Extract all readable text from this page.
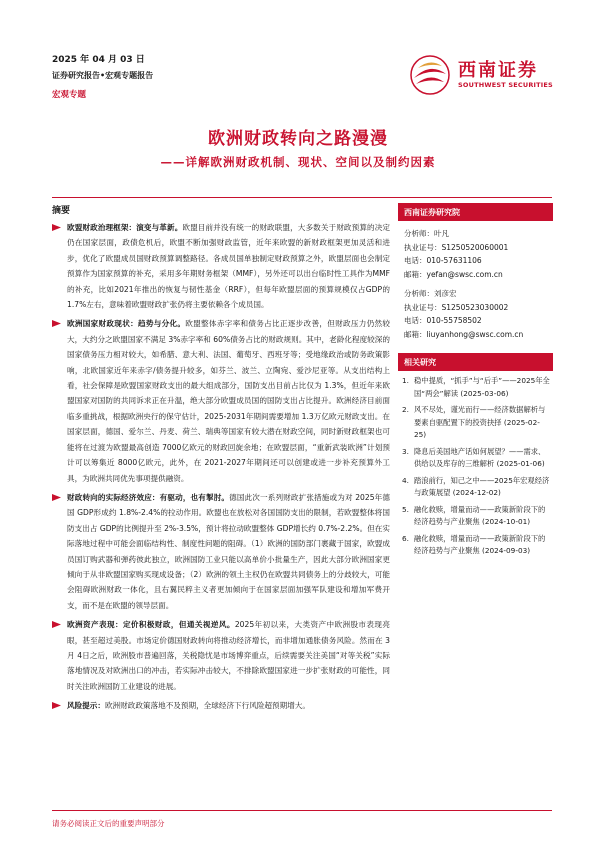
2025 年 04 月 03 日
证券研究报告•宏观专题报告
宏观专题
西南证券
SOUTHWEST SECURITIES
欧洲财政转向之路漫漫
——详解欧洲财政机制、现状、空间以及制约因素
摘要
欧盟财政治理框架：演变与革新。欧盟目前并没有统一的财政联盟，大多数关于财政预算的决定仍在国家层面，政债危机后，欧盟不断加强财政监管，近年来欧盟的新财政框架更加灵活和进步，优化了欧盟成员国财政预算调整路径。各成员国单独制定财政预算之外，欧盟层面也会制定预算作为国家预算的补充，采用多年期财务框架（MMF），另外还可以出台临时性工具作为MMF的补充，比如2021年推出的恢复与韧性基金（RRF），但每年欧盟层面的预算规模仅占GDP的 1.7%左右，意味着欧盟财政扩张仍将主要依赖各个成员国。
欧洲国家财政现状：趋势与分化。欧盟整体赤字率和债务占比正逐步改善，但财政压力仍然较大，大约分之欧盟国家不满足 3%赤字率和 60%债务占比的财政规则。其中，老龄化程度较深的国家债务压力相对较大，如希腊、意大利、法国、葡萄牙、西班牙等；受地缘政治或防务政策影响，北欧国家近年来赤字/债务提升较多，如芬兰、波兰、立陶宛、爱沙尼亚等。从支出结构上看，社会保障是欧盟国家财政支出的最大组成部分，国防支出目前占比仅为 1.3%，但近年来欧盟国家对国防的共同诉求正在升温，绝大部分欧盟成员国的国防支出占比提升。欧洲经济目前面临多重挑战，根据欧洲央行的保守估计，2025-2031年期间需要增加 1.3万亿欧元财政支出。在国家层面，德国、爱尔兰、丹麦、荷兰、瑞典等国家有较大潜在财政空间，同时新财政框架也可能将在过渡为欧盟最高创造 7000亿欧元的财政回旋余地；在欧盟层面，“重新武装欧洲”计划预计可以筹集近 8000亿欧元，此外，在 2021-2027年期间还可以创建或进一步补充预算外工具，为欧洲共同优先事项提供融资。
财政转向的实际经济效应：有驱动，也有掣肘。德国此次一系列财政扩张措施或为对 2025年德国 GDP形成约 1.8%-2.4%的拉动作用。欧盟也在放松对各国国防支出的限制，若欧盟整体将国防支出占 GDP的比例提升至 2%-3.5%，预计将拉动欧盟整体 GDP增长约 0.7%-2.2%。但在实际落地过程中可能会面临结构性、制度性问题的阻碍。（1）欧洲的国防部门裹藏于国家，欧盟成员国订购武器和弹药彼此独立，欧洲国防工业只能以高单价小批量生产，因此大部分欧洲国家更倾向于从非欧盟国家购买现成设备；（2）欧洲的领土主权仍在欧盟共同债务上的分歧较大，可能会阻碍欧洲财政一体化，且右翼民粹主义者更加倾向于在国家层面加强军队建设和增加军费开支，而不是在欧盟的领导层面。
欧洲资产表现：定价积极财政，但通关视逆风。2025年初以来，大类资产中欧洲股市表现亮眼，甚至超过美股。市场定价德国财政转向将推动经济增长，而非增加通胀债务风险。然而在 3月 4日之后，欧洲股市普遍回落，关税隐忧是市场博弈重点，后续需要关注美国“对等关税”实际落地情况及对欧洲出口的冲击，若实际冲击较大，不排除欧盟国家进一步扩张财政的可能性，同时关注欧洲国防工业建设的进展。
风险提示：欧洲财政政策落地不及预期，全球经济下行风险超预期增大。
西南证券研究院
分析师：叶凡
执业证号：S1250520060001
电话：010-57631106
邮箱：yefan@swsc.com.cn
分析师：刘彦宏
执业证号：S1250523030002
电话：010-55758502
邮箱：liuyanhong@swsc.com.cn
相关研究
1. 稳中提质，“抓手”与“后手”——2025年全国“两会”解读 (2025-03-06)
2. 风不尽处，谨光而行——经济数据解析与要素自驱配置下的投资抉择 (2025-02-25)
3. 降息后美国地产话如何展望？——需求、供给以及库存的三维解析 (2025-01-06)
4. 踏浪前行，知己之中——2025年宏观经济与政策展望 (2024-12-02)
5. 融化救赎，增量而动——政策新阶段下的经济趋势与产业聚焦 (2024-10-01)
6. 融化救赎，增量而动——政策新阶段下的经济趋势与产业聚焦 (2024-09-03)
请务必阅读正文后的重要声明部分
